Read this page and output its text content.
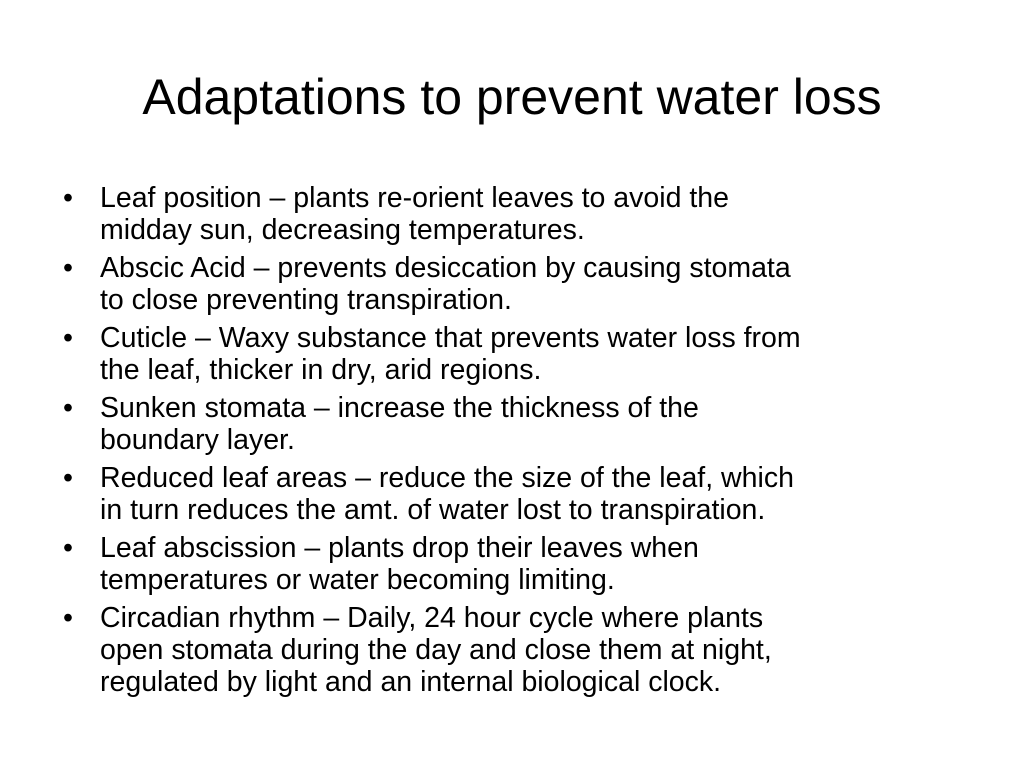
Adaptations to prevent water loss
• Leaf position – plants re-orient leaves to avoid the
midday sun, decreasing temperatures.
• Abscic Acid – prevents desiccation by causing stomata
to close preventing transpiration.
• Cuticle – Waxy substance that prevents water loss from
the leaf, thicker in dry, arid regions.
• Sunken stomata – increase the thickness of the
boundary layer.
• Reduced leaf areas – reduce the size of the leaf, which
in turn reduces the amt. of water lost to transpiration.
• Leaf abscission – plants drop their leaves when
temperatures or water becoming limiting.
• Circadian rhythm – Daily, 24 hour cycle where plants
open stomata during the day and close them at night,
regulated by light and an internal biological clock.
